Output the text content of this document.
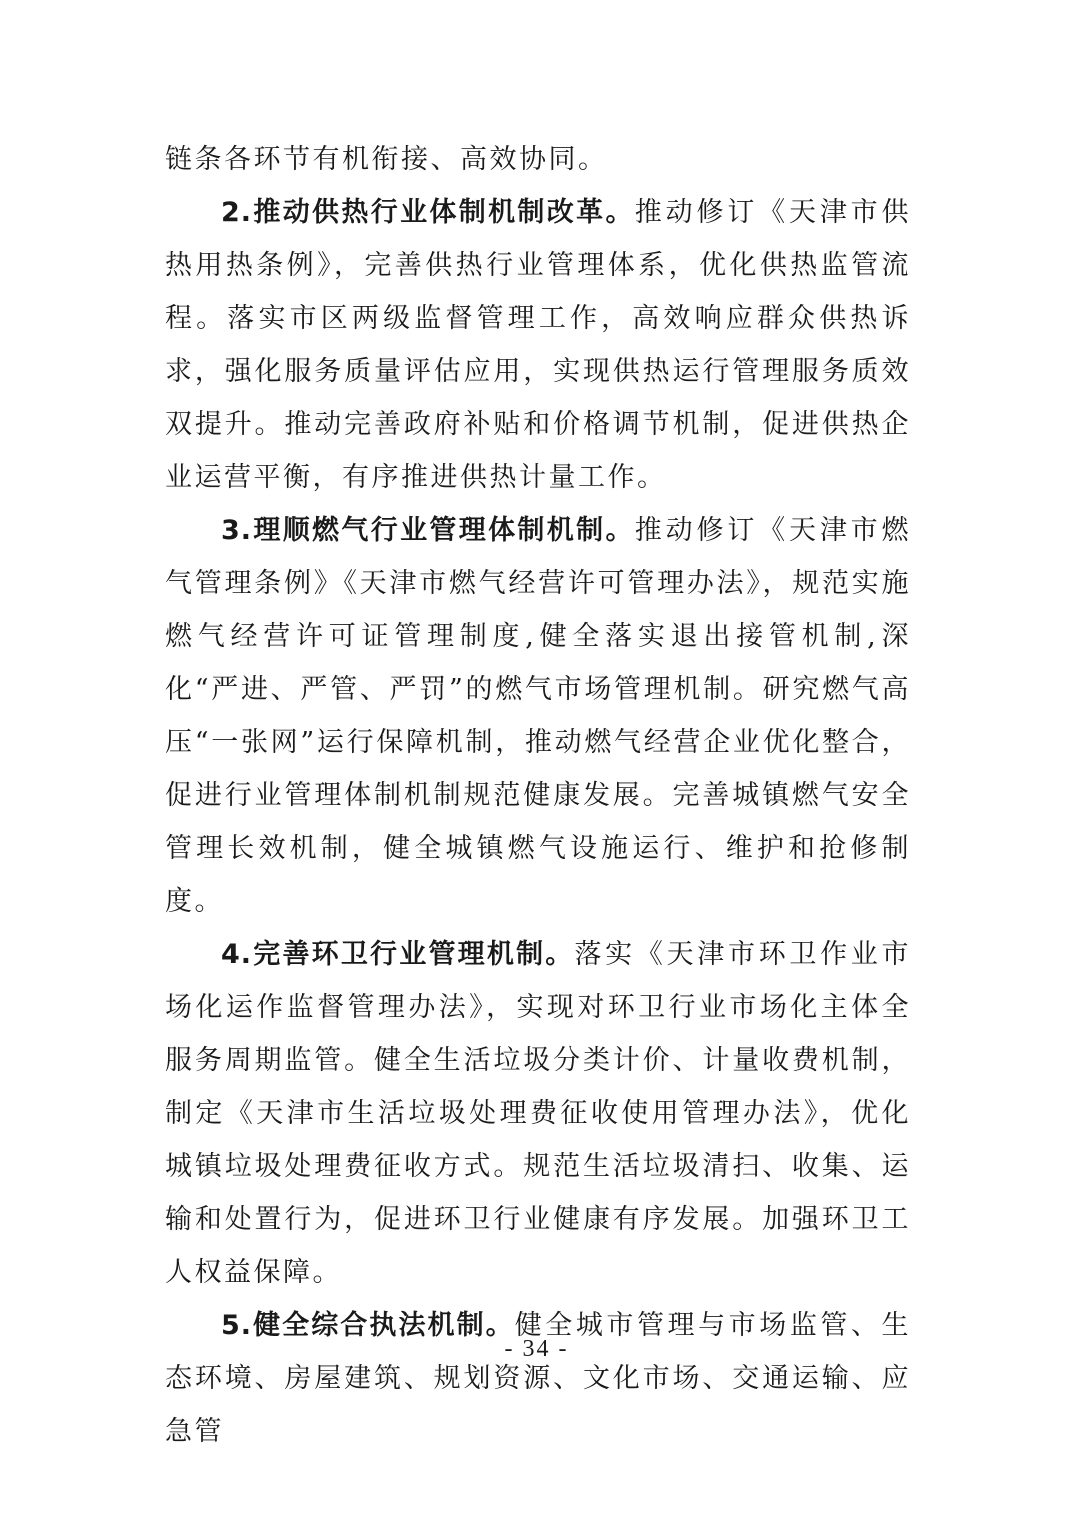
链条各环节有机衔接、高效协同。

2.推动供热行业体制机制改革。推动修订《天津市供热用热条例》，完善供热行业管理体系，优化供热监管流程。落实市区两级监督管理工作，高效响应群众供热诉求，强化服务质量评估应用，实现供热运行管理服务质效双提升。推动完善政府补贴和价格调节机制，促进供热企业运营平衡，有序推进供热计量工作。

3.理顺燃气行业管理体制机制。推动修订《天津市燃气管理条例》《天津市燃气经营许可管理办法》，规范实施燃气经营许可证管理制度,健全落实退出接管机制,深化“严进、严管、严罚”的燃气市场管理机制。研究燃气高压“一张网”运行保障机制，推动燃气经营企业优化整合，促进行业管理体制机制规范健康发展。完善城镇燃气安全管理长效机制，健全城镇燃气设施运行、维护和抢修制度。

4.完善环卫行业管理机制。落实《天津市环卫作业市场化运作监督管理办法》，实现对环卫行业市场化主体全服务周期监管。健全生活垃圾分类计价、计量收费机制，制定《天津市生活垃圾处理费征收使用管理办法》，优化城镇垃圾处理费征收方式。规范生活垃圾清扫、收集、运输和处置行为，促进环卫行业健康有序发展。加强环卫工人权益保障。

5.健全综合执法机制。健全城市管理与市场监管、生态环境、房屋建筑、规划资源、文化市场、交通运输、应急管

- 34 -
